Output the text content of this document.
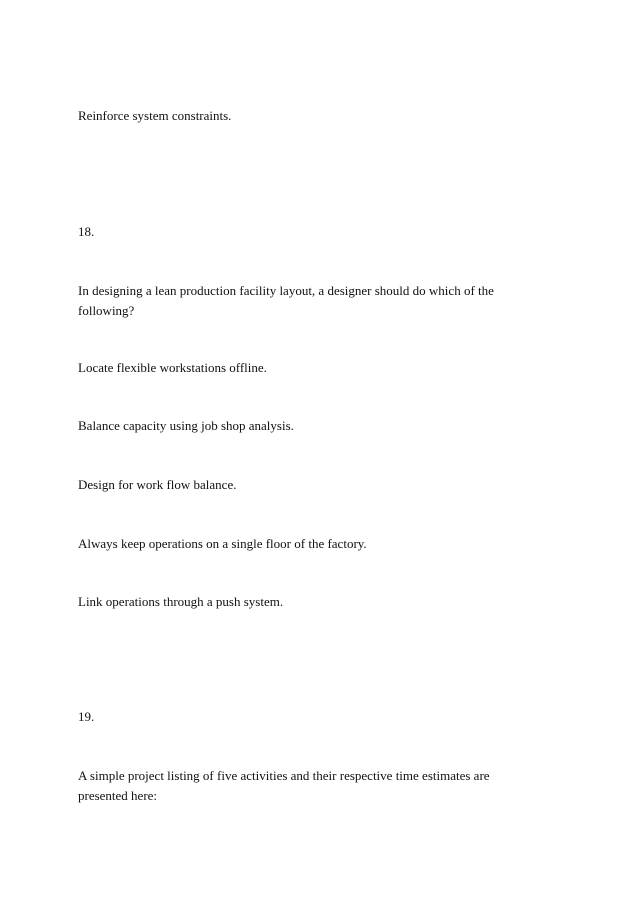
Reinforce system constraints.
18.
In designing a lean production facility layout, a designer should do which of the following?
Locate flexible workstations offline.
Balance capacity using job shop analysis.
Design for work flow balance.
Always keep operations on a single floor of the factory.
Link operations through a push system.
19.
A simple project listing of five activities and their respective time estimates are presented here:
